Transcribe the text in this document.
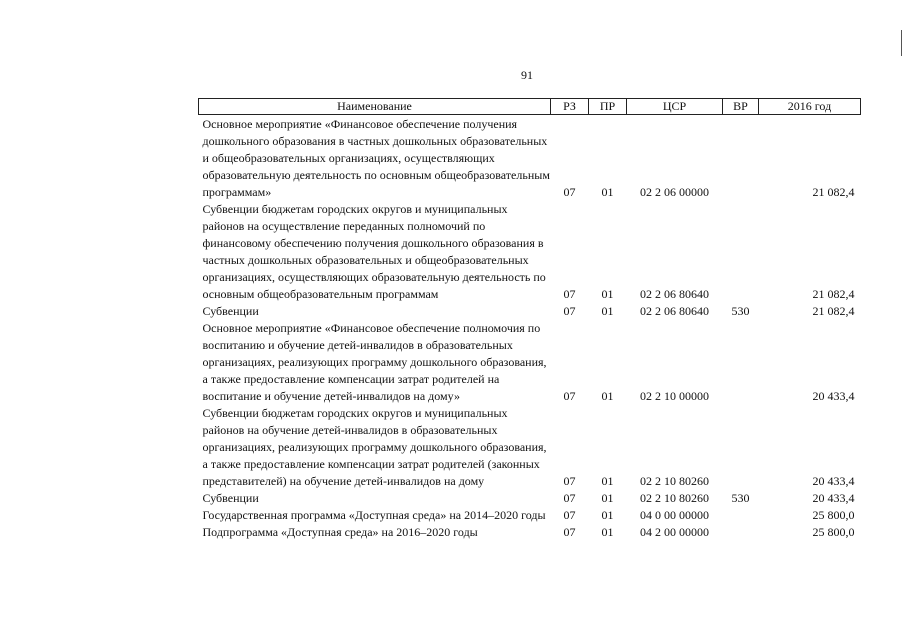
91
Наименование	РЗ	ПР	ЦСР	ВР	2016 год
Основное мероприятие «Финансовое обеспечение получения дошкольного образования в частных дошкольных образовательных и общеобразовательных организациях, осуществляющих образовательную деятельность по основным общеобразовательным программам»	07	01	02 2 06 00000		21 082,4
Субвенции бюджетам городских округов и муниципальных районов на осуществление переданных полномочий по финансовому обеспечению получения дошкольного образования в частных дошкольных образовательных и общеобразовательных организациях, осуществляющих образовательную деятельность по основным общеобразовательным программам	07	01	02 2 06 80640		21 082,4
Субвенции	07	01	02 2 06 80640	530	21 082,4
Основное мероприятие «Финансовое обеспечение полномочия по воспитанию и обучение детей-инвалидов в образовательных организациях, реализующих программу дошкольного образования, а также предоставление компенсации затрат родителей на воспитание и обучение детей-инвалидов на дому»	07	01	02 2 10 00000		20 433,4
Субвенции бюджетам городских округов и муниципальных районов на обучение детей-инвалидов в образовательных организациях, реализующих программу дошкольного образования, а также предоставление компенсации затрат родителей (законных представителей) на обучение детей-инвалидов на дому	07	01	02 2 10 80260		20 433,4
Субвенции	07	01	02 2 10 80260	530	20 433,4
Государственная программа «Доступная среда» на 2014–2020 годы	07	01	04 0 00 00000		25 800,0
Подпрограмма «Доступная среда» на 2016–2020 годы	07	01	04 2 00 00000		25 800,0
